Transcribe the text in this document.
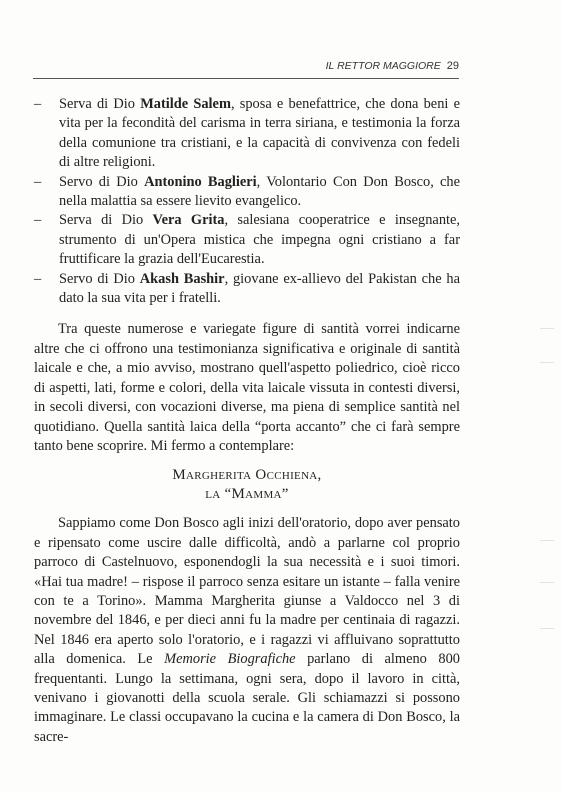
IL RETTOR MAGGIORE 29
– Serva di Dio Matilde Salem, sposa e benefattrice, che dona beni e vita per la fecondità del carisma in terra siriana, e testimonia la forza della comunione tra cristiani, e la capacità di convivenza con fedeli di altre religioni.
– Servo di Dio Antonino Baglieri, Volontario Con Don Bosco, che nella malattia sa essere lievito evangelico.
– Serva di Dio Vera Grita, salesiana cooperatrice e insegnante, strumento di un'Opera mistica che impegna ogni cristiano a far fruttificare la grazia dell'Eucarestia.
– Servo di Dio Akash Bashir, giovane ex-allievo del Pakistan che ha dato la sua vita per i fratelli.

Tra queste numerose e variegate figure di santità vorrei indicarne altre che ci offrono una testimonianza significativa e originale di santità laicale e che, a mio avviso, mostrano quell'aspetto poliedrico, cioè ricco di aspetti, lati, forme e colori, della vita laicale vissuta in contesti diversi, in secoli diversi, con vocazioni diverse, ma piena di semplice santità nel quotidiano. Quella santità laica della “porta accanto” che ci farà sempre tanto bene scoprire. Mi fermo a contemplare:

Margherita Occhiena,
la “Mamma”

Sappiamo come Don Bosco agli inizi dell'oratorio, dopo aver pensato e ripensato come uscire dalle difficoltà, andò a parlarne col proprio parroco di Castelnuovo, esponendogli la sua necessità e i suoi timori. «Hai tua madre! – rispose il parroco senza esitare un istante – falla venire con te a Torino». Mamma Margherita giunse a Valdocco nel 3 di novembre del 1846, e per dieci anni fu la madre per centinaia di ragazzi. Nel 1846 era aperto solo l'oratorio, e i ragazzi vi affluivano soprattutto alla domenica. Le Memorie Biografiche parlano di almeno 800 frequentanti. Lungo la settimana, ogni sera, dopo il lavoro in città, venivano i giovanotti della scuola serale. Gli schiamazzi si possono immaginare. Le classi occupavano la cucina e la camera di Don Bosco, la sacre-
